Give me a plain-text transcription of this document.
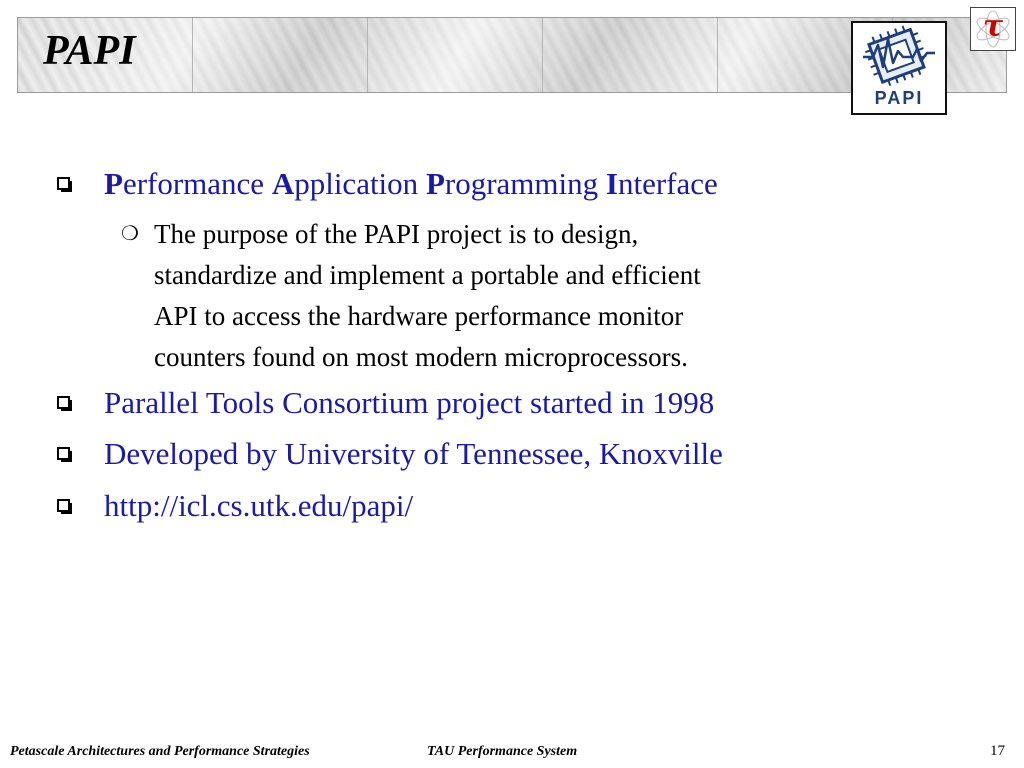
PAPI
PAPI
τ
Performance Application Programming Interface
❍ The purpose of the PAPI project is to design,
standardize and implement a portable and efficient
API to access the hardware performance monitor
counters found on most modern microprocessors.
Parallel Tools Consortium project started in 1998
Developed by University of Tennessee, Knoxville
http://icl.cs.utk.edu/papi/
Petascale Architectures and Performance Strategies	TAU Performance System	17
